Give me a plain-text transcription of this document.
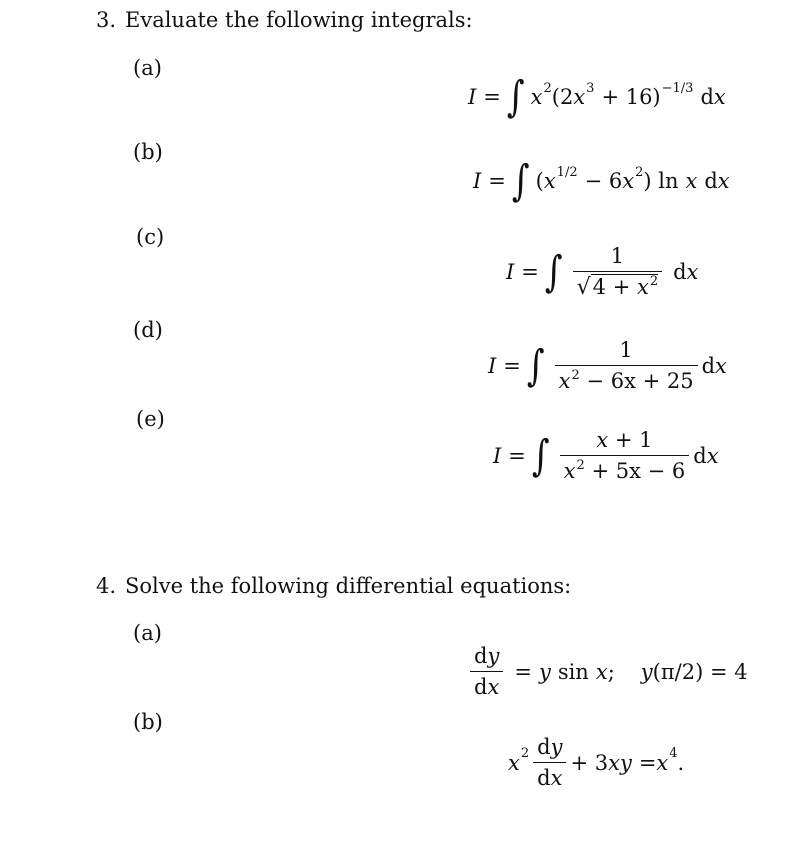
3. Evaluate the following integrals:
(a)
(b)
(c)
(d)
(e)
I = ∫ x 2 (2 x 3 + 16) −1/3 d x
I = ∫ ( x 1/2 − 6 x 2 ) ln x d x
I = ∫ $\frac{1}{√4 + x^2}$ d x
I = ∫ $\frac{1}{x^2 - 6x + 25}$ d x
I = ∫ $\frac{x + 1}{x^2 + 5x - 6}$ d x
4. Solve the following differential equations:
(a)
(b)
$\frac{dy}{dx} = y$ sin x ; y (π/2) = 4
x $2 \frac{dy}{dx} + 3$ x y = x 4 .
